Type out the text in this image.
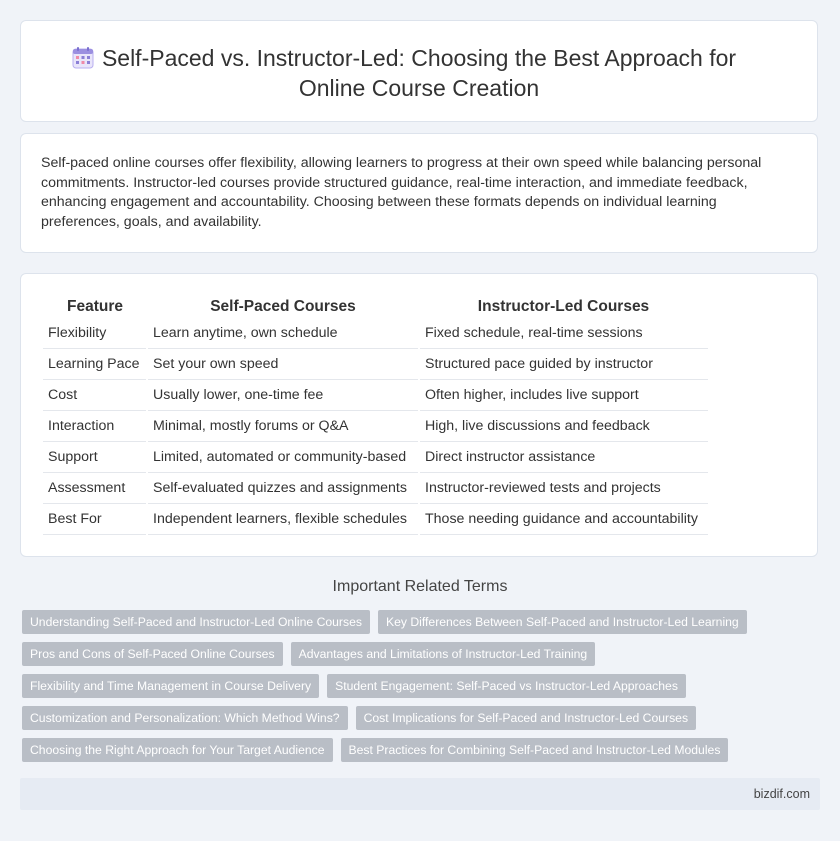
Self-Paced vs. Instructor-Led: Choosing the Best Approach for
Online Course Creation
Self-paced online courses offer flexibility, allowing learners to progress at their own speed while balancing personal commitments. Instructor-led courses provide structured guidance, real-time interaction, and immediate feedback, enhancing engagement and accountability. Choosing between these formats depends on individual learning preferences, goals, and availability.
Feature	Self-Paced Courses	Instructor-Led Courses
Flexibility	Learn anytime, own schedule	Fixed schedule, real-time sessions
Learning Pace	Set your own speed	Structured pace guided by instructor
Cost	Usually lower, one-time fee	Often higher, includes live support
Interaction	Minimal, mostly forums or Q&A	High, live discussions and feedback
Support	Limited, automated or community-based	Direct instructor assistance
Assessment	Self-evaluated quizzes and assignments	Instructor-reviewed tests and projects
Best For	Independent learners, flexible schedules	Those needing guidance and accountability
Important Related Terms
Understanding Self-Paced and Instructor-Led Online Courses	Key Differences Between Self-Paced and Instructor-Led Learning
Pros and Cons of Self-Paced Online Courses	Advantages and Limitations of Instructor-Led Training
Flexibility and Time Management in Course Delivery	Student Engagement: Self-Paced vs Instructor-Led Approaches
Customization and Personalization: Which Method Wins?	Cost Implications for Self-Paced and Instructor-Led Courses
Choosing the Right Approach for Your Target Audience	Best Practices for Combining Self-Paced and Instructor-Led Modules
bizdif.com
